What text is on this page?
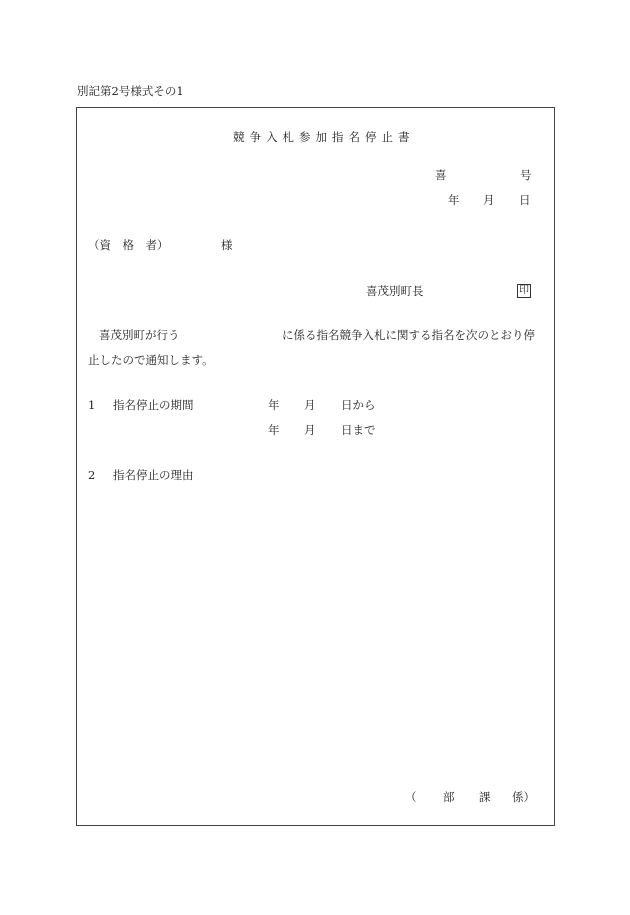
別記第2号様式その1
競争入札参加指名停止書
喜	号
年 月 日
（資　格　者）	様
喜茂別町長	印
喜茂別町が行う	に係る指名競争入札に関する指名を次のとおり停
止したので通知します。
1 指名停止の期間	年 月 日から
年 月 日まで
2 指名停止の理由
（ 部 課 係）
